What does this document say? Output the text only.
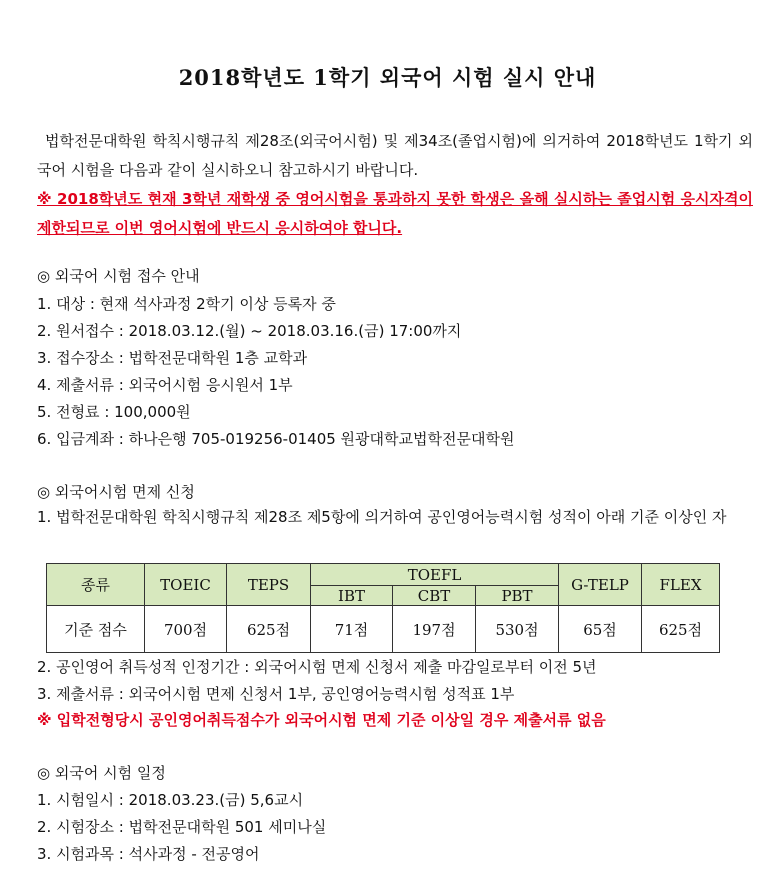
2018학년도 1학기 외국어 시험 실시 안내
법학전문대학원 학칙시행규칙 제28조(외국어시험) 및 제34조(졸업시험)에 의거하여 2018학년도 1학기 외국어 시험을 다음과 같이 실시하오니 참고하시기 바랍니다.
※ 2018학년도 현재 3학년 재학생 중 영어시험을 통과하지 못한 학생은 올해 실시하는 졸업시험 응시자격이 제한되므로 이번 영어시험에 반드시 응시하여야 합니다.
◎ 외국어 시험 접수 안내
1. 대상 : 현재 석사과정 2학기 이상 등록자 중
2. 원서접수 : 2018.03.12.(월) ~ 2018.03.16.(금) 17:00까지
3. 접수장소 : 법학전문대학원 1층 교학과
4. 제출서류 : 외국어시험 응시원서 1부
5. 전형료 : 100,000원
6. 입금계좌 : 하나은행 705-019256-01405 원광대학교법학전문대학원
◎ 외국어시험 면제 신청
1. 법학전문대학원 학칙시행규칙 제28조 제5항에 의거하여 공인영어능력시험 성적이 아래 기준 이상인 자
종류	TOEIC	TEPS	TOEFL			G-TELP	FLEX
			IBT	CBT	PBT		
기준 점수	700점	625점	71점	197점	530점	65점	625점
2. 공인영어 취득성적 인정기간 : 외국어시험 면제 신청서 제출 마감일로부터 이전 5년
3. 제출서류 : 외국어시험 면제 신청서 1부, 공인영어능력시험 성적표 1부
※ 입학전형당시 공인영어취득점수가 외국어시험 면제 기준 이상일 경우 제출서류 없음
◎ 외국어 시험 일정
1. 시험일시 : 2018.03.23.(금) 5,6교시
2. 시험장소 : 법학전문대학원 501 세미나실
3. 시험과목 : 석사과정 - 전공영어
